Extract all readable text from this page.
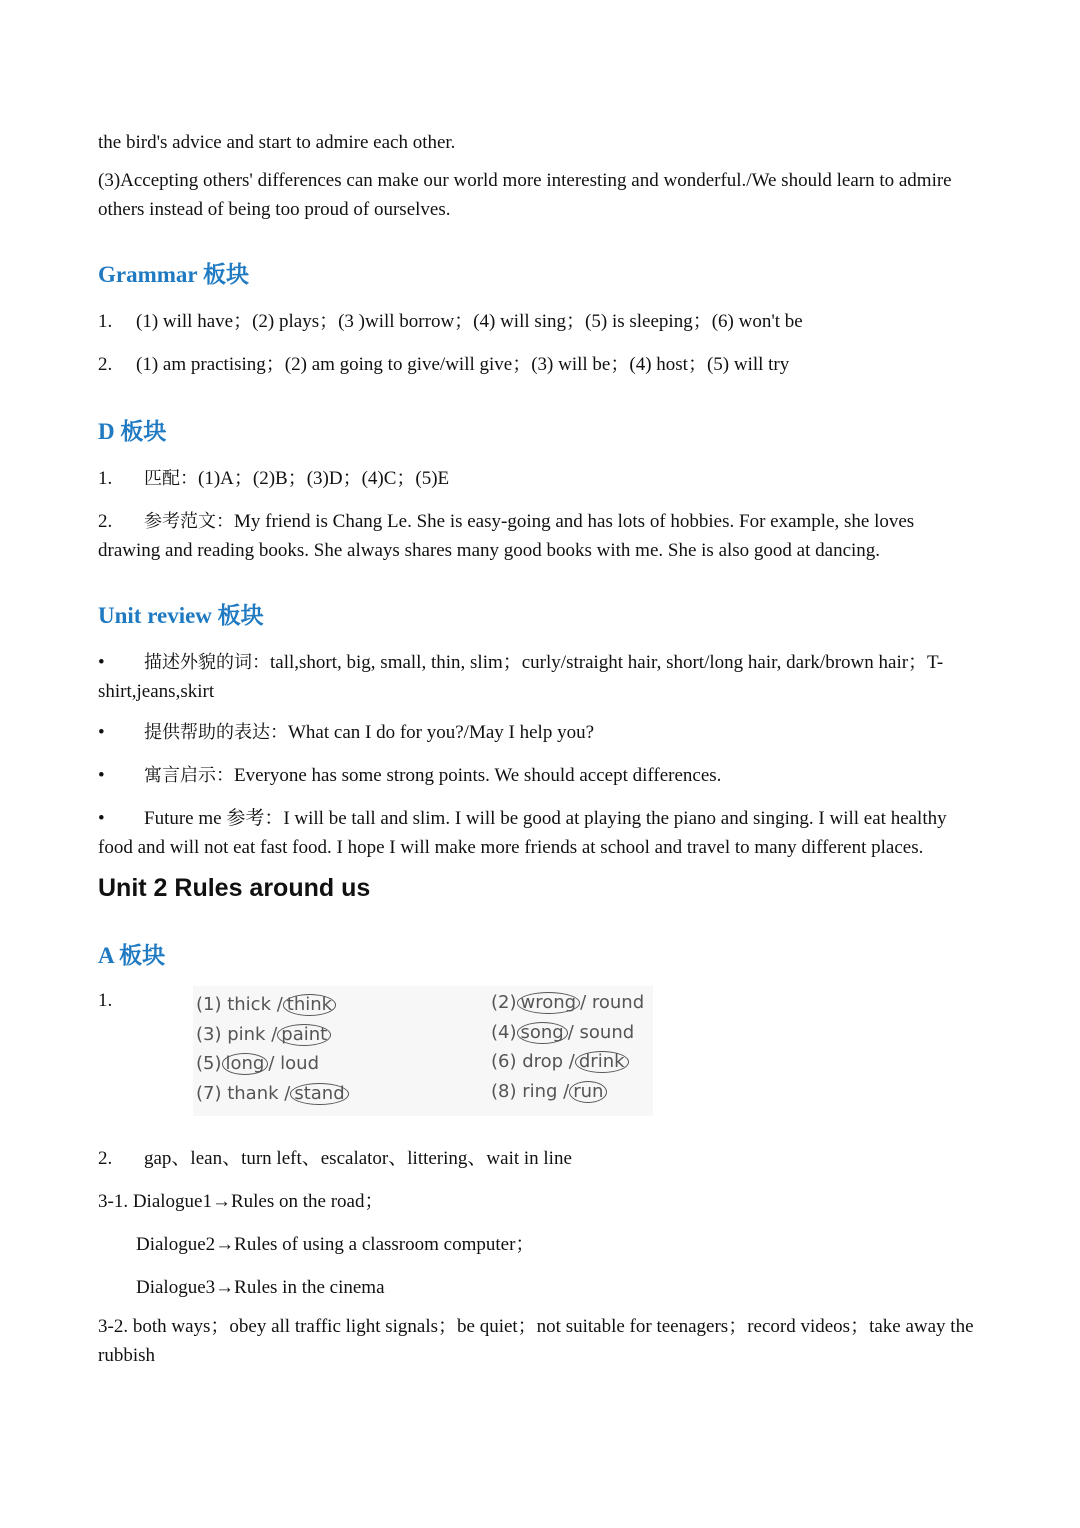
the bird's advice and start to admire each other.

(3)Accepting others' differences can make our world more interesting and wonderful./We should learn to admire others instead of being too proud of ourselves.

Grammar 板块

1. (1) will have；(2) plays；(3 )will borrow；(4) will sing；(5) is sleeping；(6) won't be

2. (1) am practising；(2) am going to give/will give；(3) will be；(4) host；(5) will try

D 板块

1. 匹配：(1)A；(2)B；(3)D；(4)C；(5)E

2. 参考范文：My friend is Chang Le. She is easy-going and has lots of hobbies. For example, she loves drawing and reading books. She always shares many good books with me. She is also good at dancing.

Unit review 板块

• 描述外貌的词：tall,short, big, small, thin, slim；curly/straight hair, short/long hair, dark/brown hair；T-shirt,jeans,skirt

• 提供帮助的表达：What can I do for you?/May I help you?

• 寓言启示：Everyone has some strong points. We should accept differences.

• Future me 参考：I will be tall and slim. I will be good at playing the piano and singing. I will eat healthy food and will not eat fast food. I hope I will make more friends at school and travel to many different places.

Unit 2 Rules around us
A 板块

1.	(1) thick / think	(2) wrong / round
(3) pink / paint	(4) song / sound
(5) long / loud	(6) drop / drink
(7) thank / stand	(8) ring / run

2. gap、lean、turn left、escalator、littering、wait in line

3-1. Dialogue1→Rules on the road；

Dialogue2→Rules of using a classroom computer；

Dialogue3→Rules in the cinema

3-2. both ways；obey all traffic light signals；be quiet；not suitable for teenagers；record videos；take away the rubbish
